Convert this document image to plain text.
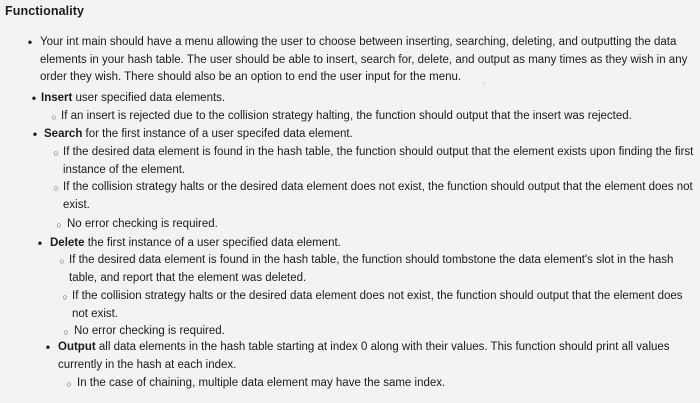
Functionality
• Your int main should have a menu allowing the user to choose between inserting, searching, deleting, and outputting the data elements in your hash table. The user should be able to insert, search for, delete, and output as many times as they wish in any order they wish. There should also be an option to end the user input for the menu.	▫
• Insert user specified data elements.
○ If an insert is rejected due to the collision strategy halting, the function should output that the insert was rejected.
• Search for the first instance of a user specifed data element.
○ If the desired data element is found in the hash table, the function should output that the element exists upon finding the first instance of the element.
○ If the collision strategy halts or the desired data element does not exist, the function should output that the element does not exist.
○ No error checking is required.
• Delete the first instance of a user specified data element.
○ If the desired data element is found in the hash table, the function should tombstone the data element's slot in the hash table, and report that the element was deleted.
○ If the collision strategy halts or the desired data element does not exist, the function should output that the element does not exist.
○ No error checking is required.
• Output all data elements in the hash table starting at index 0 along with their values. This function should print all values currently in the hash at each index.
○ In the case of chaining, multiple data element may have the same index.
